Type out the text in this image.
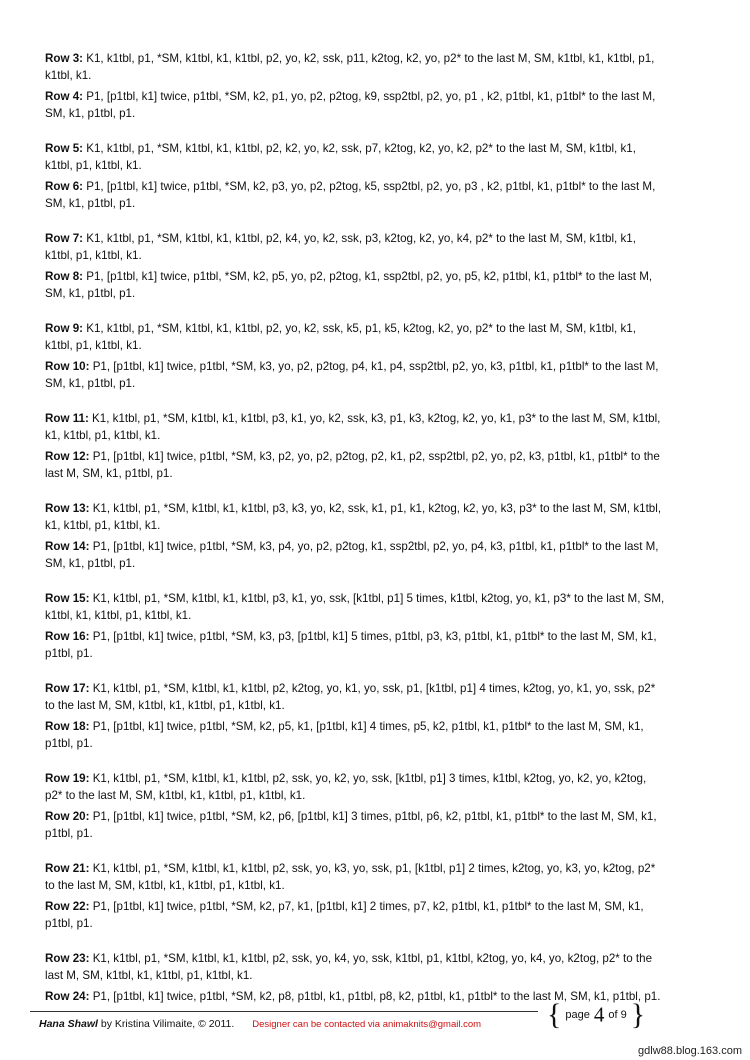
Row 3: K1, k1tbl, p1, *SM, k1tbl, k1, k1tbl, p2, yo, k2, ssk, p11, k2tog, k2, yo, p2* to the last M, SM, k1tbl, k1, k1tbl, p1, k1tbl, k1.

Row 4: P1, [p1tbl, k1] twice, p1tbl, *SM, k2, p1, yo, p2, p2tog, k9, ssp2tbl, p2, yo, p1 , k2, p1tbl, k1, p1tbl* to the last M, SM, k1, p1tbl, p1.

Row 5: K1, k1tbl, p1, *SM, k1tbl, k1, k1tbl, p2, k2, yo, k2, ssk, p7, k2tog, k2, yo, k2, p2* to the last M, SM, k1tbl, k1, k1tbl, p1, k1tbl, k1.

Row 6: P1, [p1tbl, k1] twice, p1tbl, *SM, k2, p3, yo, p2, p2tog, k5, ssp2tbl, p2, yo, p3 , k2, p1tbl, k1, p1tbl* to the last M, SM, k1, p1tbl, p1.

Row 7: K1, k1tbl, p1, *SM, k1tbl, k1, k1tbl, p2, k4, yo, k2, ssk, p3, k2tog, k2, yo, k4, p2* to the last M, SM, k1tbl, k1, k1tbl, p1, k1tbl, k1.

Row 8: P1, [p1tbl, k1] twice, p1tbl, *SM, k2, p5, yo, p2, p2tog, k1, ssp2tbl, p2, yo, p5, k2, p1tbl, k1, p1tbl* to the last M, SM, k1, p1tbl, p1.

Row 9: K1, k1tbl, p1, *SM, k1tbl, k1, k1tbl, p2, yo, k2, ssk, k5, p1, k5, k2tog, k2, yo, p2* to the last M, SM, k1tbl, k1, k1tbl, p1, k1tbl, k1.

Row 10: P1, [p1tbl, k1] twice, p1tbl, *SM, k3, yo, p2, p2tog, p4, k1, p4, ssp2tbl, p2, yo, k3, p1tbl, k1, p1tbl* to the last M, SM, k1, p1tbl, p1.

Row 11: K1, k1tbl, p1, *SM, k1tbl, k1, k1tbl, p3, k1, yo, k2, ssk, k3, p1, k3, k2tog, k2, yo, k1, p3* to the last M, SM, k1tbl, k1, k1tbl, p1, k1tbl, k1.

Row 12: P1, [p1tbl, k1] twice, p1tbl, *SM, k3, p2, yo, p2, p2tog, p2, k1, p2, ssp2tbl, p2, yo, p2, k3, p1tbl, k1, p1tbl* to the last M, SM, k1, p1tbl, p1.

Row 13: K1, k1tbl, p1, *SM, k1tbl, k1, k1tbl, p3, k3, yo, k2, ssk, k1, p1, k1, k2tog, k2, yo, k3, p3* to the last M, SM, k1tbl, k1, k1tbl, p1, k1tbl, k1.

Row 14: P1, [p1tbl, k1] twice, p1tbl, *SM, k3, p4, yo, p2, p2tog, k1, ssp2tbl, p2, yo, p4, k3, p1tbl, k1, p1tbl* to the last M, SM, k1, p1tbl, p1.

Row 15: K1, k1tbl, p1, *SM, k1tbl, k1, k1tbl, p3, k1, yo, ssk, [k1tbl, p1] 5 times, k1tbl, k2tog, yo, k1, p3* to the last M, SM, k1tbl, k1, k1tbl, p1, k1tbl, k1.

Row 16: P1, [p1tbl, k1] twice, p1tbl, *SM, k3, p3, [p1tbl, k1] 5 times, p1tbl, p3, k3, p1tbl, k1, p1tbl* to the last M, SM, k1, p1tbl, p1.

Row 17: K1, k1tbl, p1, *SM, k1tbl, k1, k1tbl, p2, k2tog, yo, k1, yo, ssk, p1, [k1tbl, p1] 4 times, k2tog, yo, k1, yo, ssk, p2* to the last M, SM, k1tbl, k1, k1tbl, p1, k1tbl, k1.

Row 18: P1, [p1tbl, k1] twice, p1tbl, *SM, k2, p5, k1, [p1tbl, k1] 4 times, p5, k2, p1tbl, k1, p1tbl* to the last M, SM, k1, p1tbl, p1.

Row 19: K1, k1tbl, p1, *SM, k1tbl, k1, k1tbl, p2, ssk, yo, k2, yo, ssk, [k1tbl, p1] 3 times, k1tbl, k2tog, yo, k2, yo, k2tog, p2* to the last M, SM, k1tbl, k1, k1tbl, p1, k1tbl, k1.

Row 20: P1, [p1tbl, k1] twice, p1tbl, *SM, k2, p6, [p1tbl, k1] 3 times, p1tbl, p6, k2, p1tbl, k1, p1tbl* to the last M, SM, k1, p1tbl, p1.

Row 21: K1, k1tbl, p1, *SM, k1tbl, k1, k1tbl, p2, ssk, yo, k3, yo, ssk, p1, [k1tbl, p1] 2 times, k2tog, yo, k3, yo, k2tog, p2* to the last M, SM, k1tbl, k1, k1tbl, p1, k1tbl, k1.

Row 22: P1, [p1tbl, k1] twice, p1tbl, *SM, k2, p7, k1, [p1tbl, k1] 2 times, p7, k2, p1tbl, k1, p1tbl* to the last M, SM, k1, p1tbl, p1.

Row 23: K1, k1tbl, p1, *SM, k1tbl, k1, k1tbl, p2, ssk, yo, k4, yo, ssk, k1tbl, p1, k1tbl, k2tog, yo, k4, yo, k2tog, p2* to the last M, SM, k1tbl, k1, k1tbl, p1, k1tbl, k1.

Row 24: P1, [p1tbl, k1] twice, p1tbl, *SM, k2, p8, p1tbl, k1, p1tbl, p8, k2, p1tbl, k1, p1tbl* to the last M, SM, k1, p1tbl, p1.

Hana Shawl by Kristina Vilimaite, © 2011. Designer can be contacted via animaknits@gmail.com { page 4 of 9 }
gdlw88.blog.163.com
